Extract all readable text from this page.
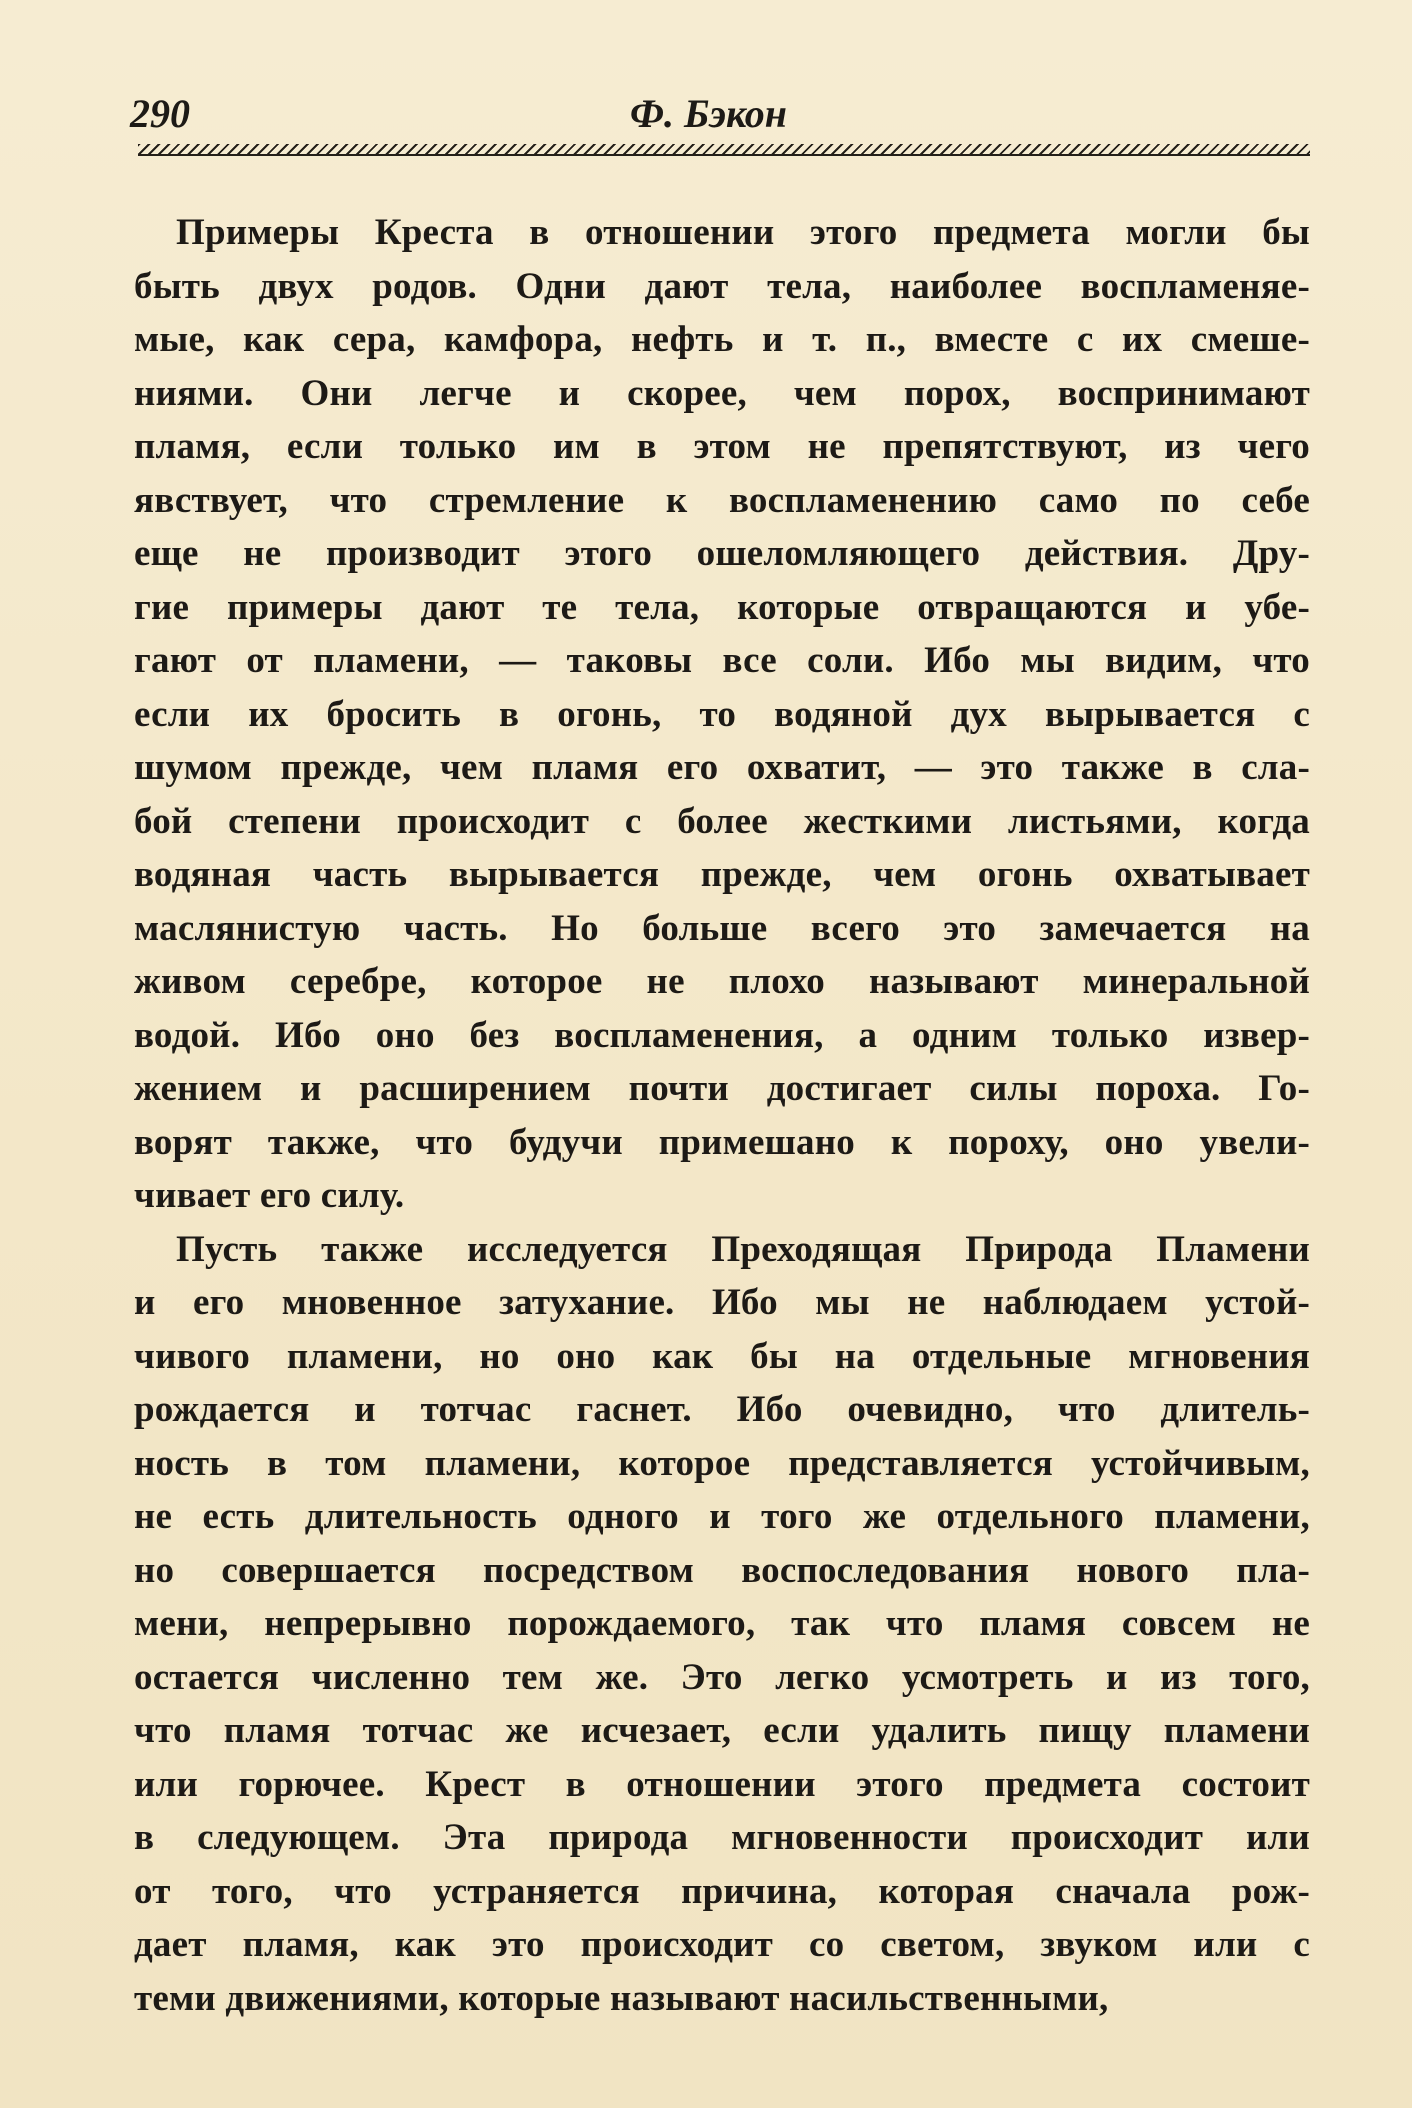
290	Ф. Бэкон
Примеры Креста в отношении этого предмета могли бы
быть двух родов. Одни дают тела, наиболее воспламеняе-
мые, как сера, камфора, нефть и т. п., вместе с их смеше-
ниями. Они легче и скорее, чем порох, воспринимают
пламя, если только им в этом не препятствуют, из чего
явствует, что стремление к воспламенению само по себе
еще не производит этого ошеломляющего действия. Дру-
гие примеры дают те тела, которые отвращаются и убе-
гают от пламени, — таковы все соли. Ибо мы видим, что
если их бросить в огонь, то водяной дух вырывается с
шумом прежде, чем пламя его охватит, — это также в сла-
бой степени происходит с более жесткими листьями, когда
водяная часть вырывается прежде, чем огонь охватывает
маслянистую часть. Но больше всего это замечается на
живом серебре, которое не плохо называют минеральной
водой. Ибо оно без воспламенения, а одним только извер-
жением и расширением почти достигает силы пороха. Го-
ворят также, что будучи примешано к пороху, оно увели-
чивает его силу.
Пусть также исследуется Преходящая Природа Пламени
и его мновенное затухание. Ибо мы не наблюдаем устой-
чивого пламени, но оно как бы на отдельные мгновения
рождается и тотчас гаснет. Ибо очевидно, что длитель-
ность в том пламени, которое представляется устойчивым,
не есть длительность одного и того же отдельного пламени,
но совершается посредством воспоследования нового пла-
мени, непрерывно порождаемого, так что пламя совсем не
остается численно тем же. Это легко усмотреть и из того,
что пламя тотчас же исчезает, если удалить пищу пламени
или горючее. Крест в отношении этого предмета состоит
в следующем. Эта природа мгновенности происходит или
от того, что устраняется причина, которая сначала рож-
дает пламя, как это происходит со светом, звуком или с
теми движениями, которые называют насильственными,
